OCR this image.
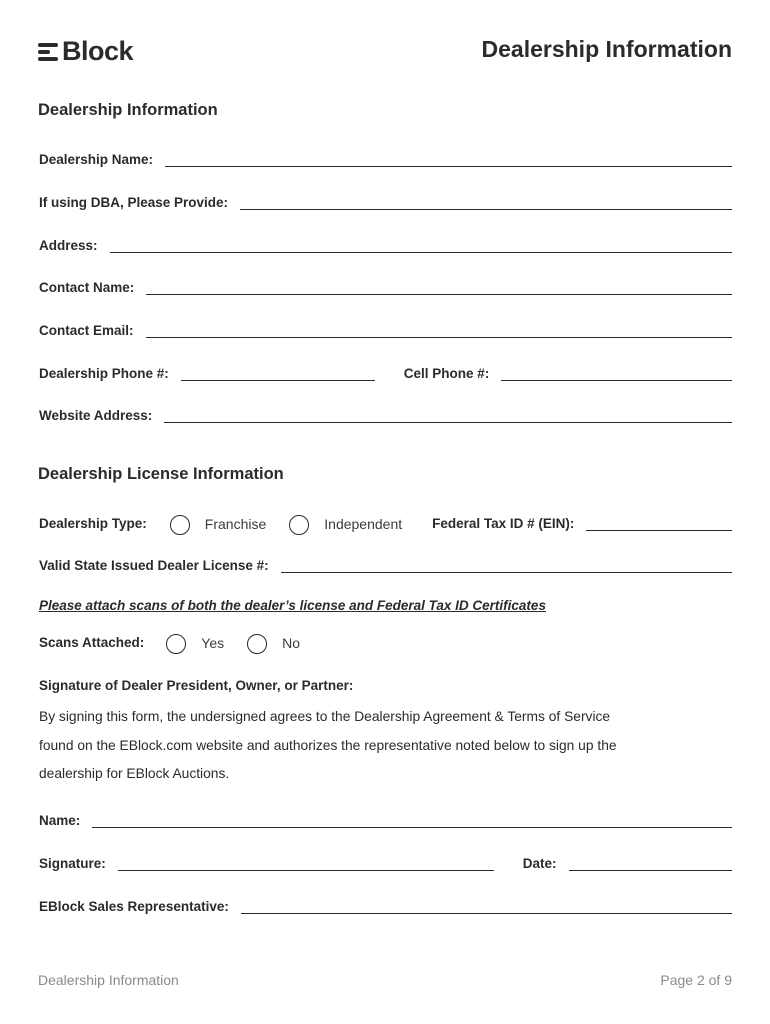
Block	Dealership Information
Dealership Information
Dealership Name:
If using DBA, Please Provide:
Address:
Contact Name:
Contact Email:
Dealership Phone #:	Cell Phone #:
Website Address:
Dealership License Information
Dealership Type:	Franchise	Independent Federal Tax ID # (EIN):
Valid State Issued Dealer License #:
Please attach scans of both the dealer’s license and Federal Tax ID Certificates
Scans Attached:	Yes	No
Signature of Dealer President, Owner, or Partner:
By signing this form, the undersigned agrees to the Dealership Agreement & Terms of Service
found on the EBlock.com website and authorizes the representative noted below to sign up the
dealership for EBlock Auctions.
Name:
Signature:	Date:
EBlock Sales Representative:
Dealership Information	Page 2 of 9
